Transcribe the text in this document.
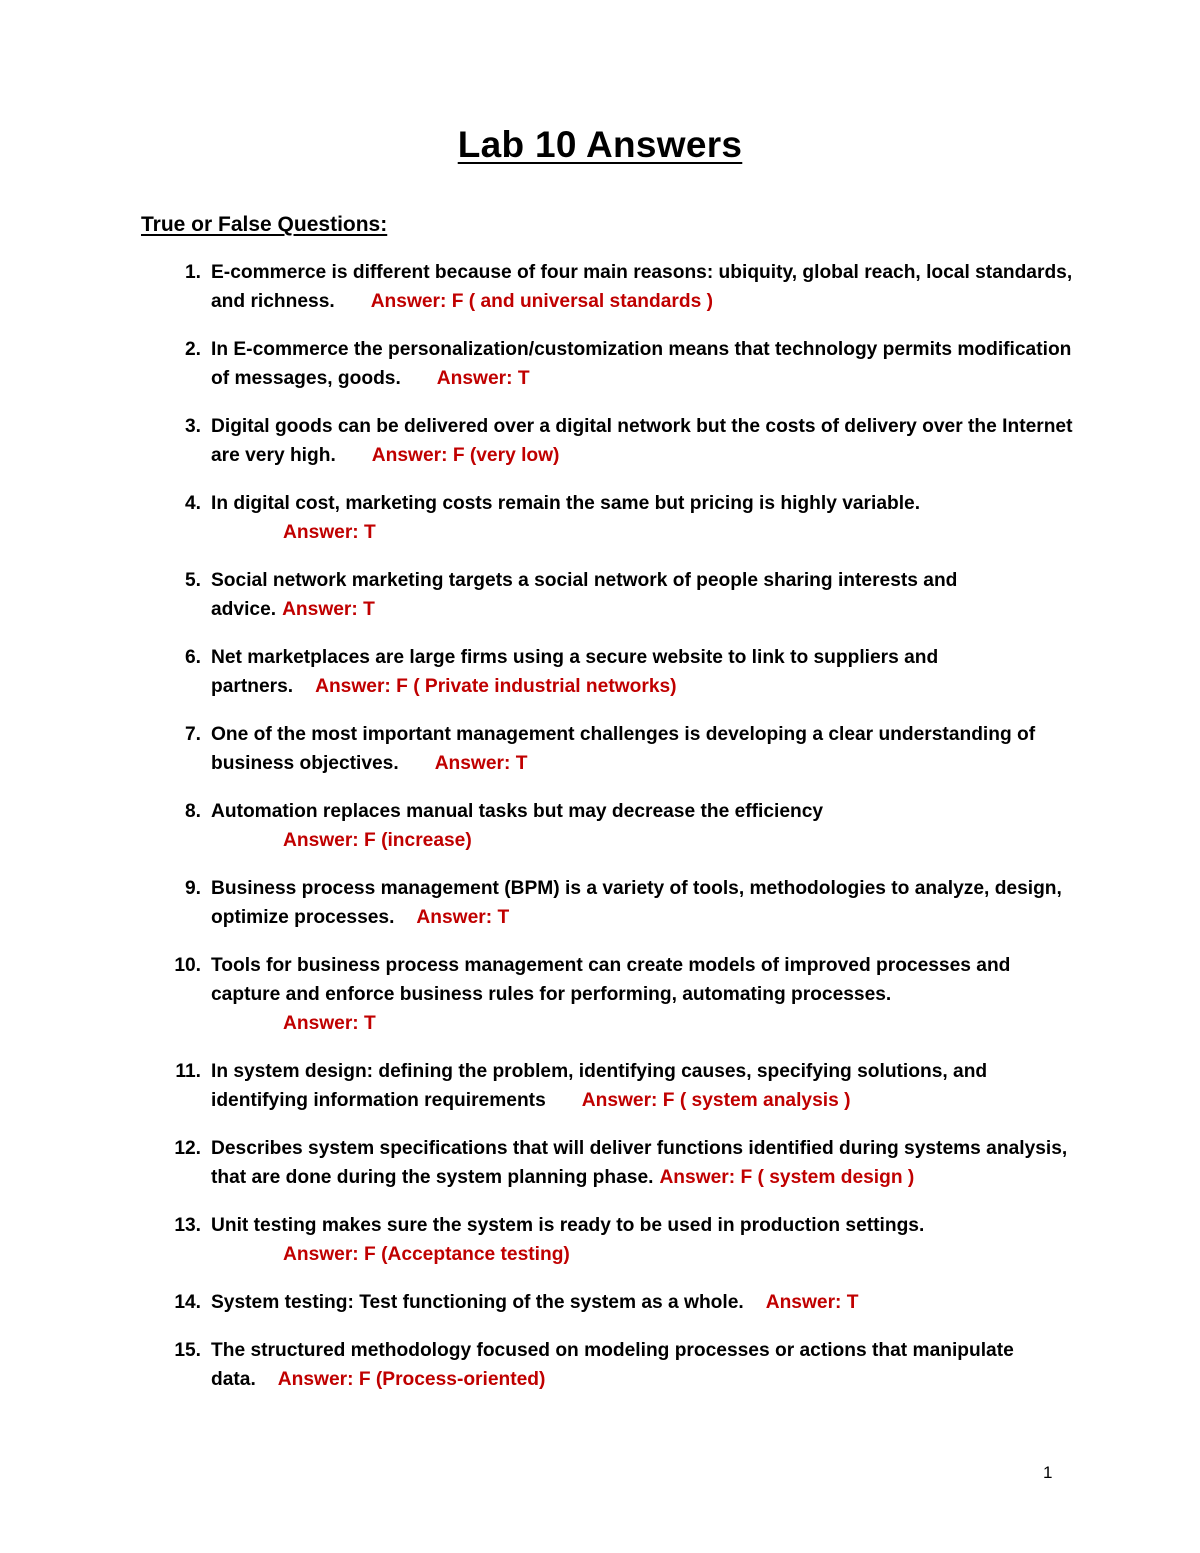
Lab 10 Answers
True or False Questions:
1. E-commerce is different because of four main reasons: ubiquity, global reach, local standards, and richness. Answer: F ( and universal standards )
2. In E-commerce the personalization/customization means that technology permits modification of messages, goods. Answer: T
3. Digital goods can be delivered over a digital network but the costs of delivery over the Internet are very high. Answer: F (very low)
4. In digital cost, marketing costs remain the same but pricing is highly variable.
Answer: T
5. Social network marketing targets a social network of people sharing interests and advice. Answer: T
6. Net marketplaces are large firms using a secure website to link to suppliers and partners. Answer: F ( Private industrial networks)
7. One of the most important management challenges is developing a clear understanding of business objectives. Answer: T
8. Automation replaces manual tasks but may decrease the efficiency
Answer: F (increase)
9. Business process management (BPM) is a variety of tools, methodologies to analyze, design, optimize processes. Answer: T
10. Tools for business process management can create models of improved processes and capture and enforce business rules for performing, automating processes.
Answer: T
11. In system design: defining the problem, identifying causes, specifying solutions, and identifying information requirements Answer: F ( system analysis )
12. Describes system specifications that will deliver functions identified during systems analysis, that are done during the system planning phase. Answer: F ( system design )
13. Unit testing makes sure the system is ready to be used in production settings.
Answer: F (Acceptance testing)
14. System testing: Test functioning of the system as a whole. Answer: T
15. The structured methodology focused on modeling processes or actions that manipulate data. Answer: F (Process-oriented)
1
